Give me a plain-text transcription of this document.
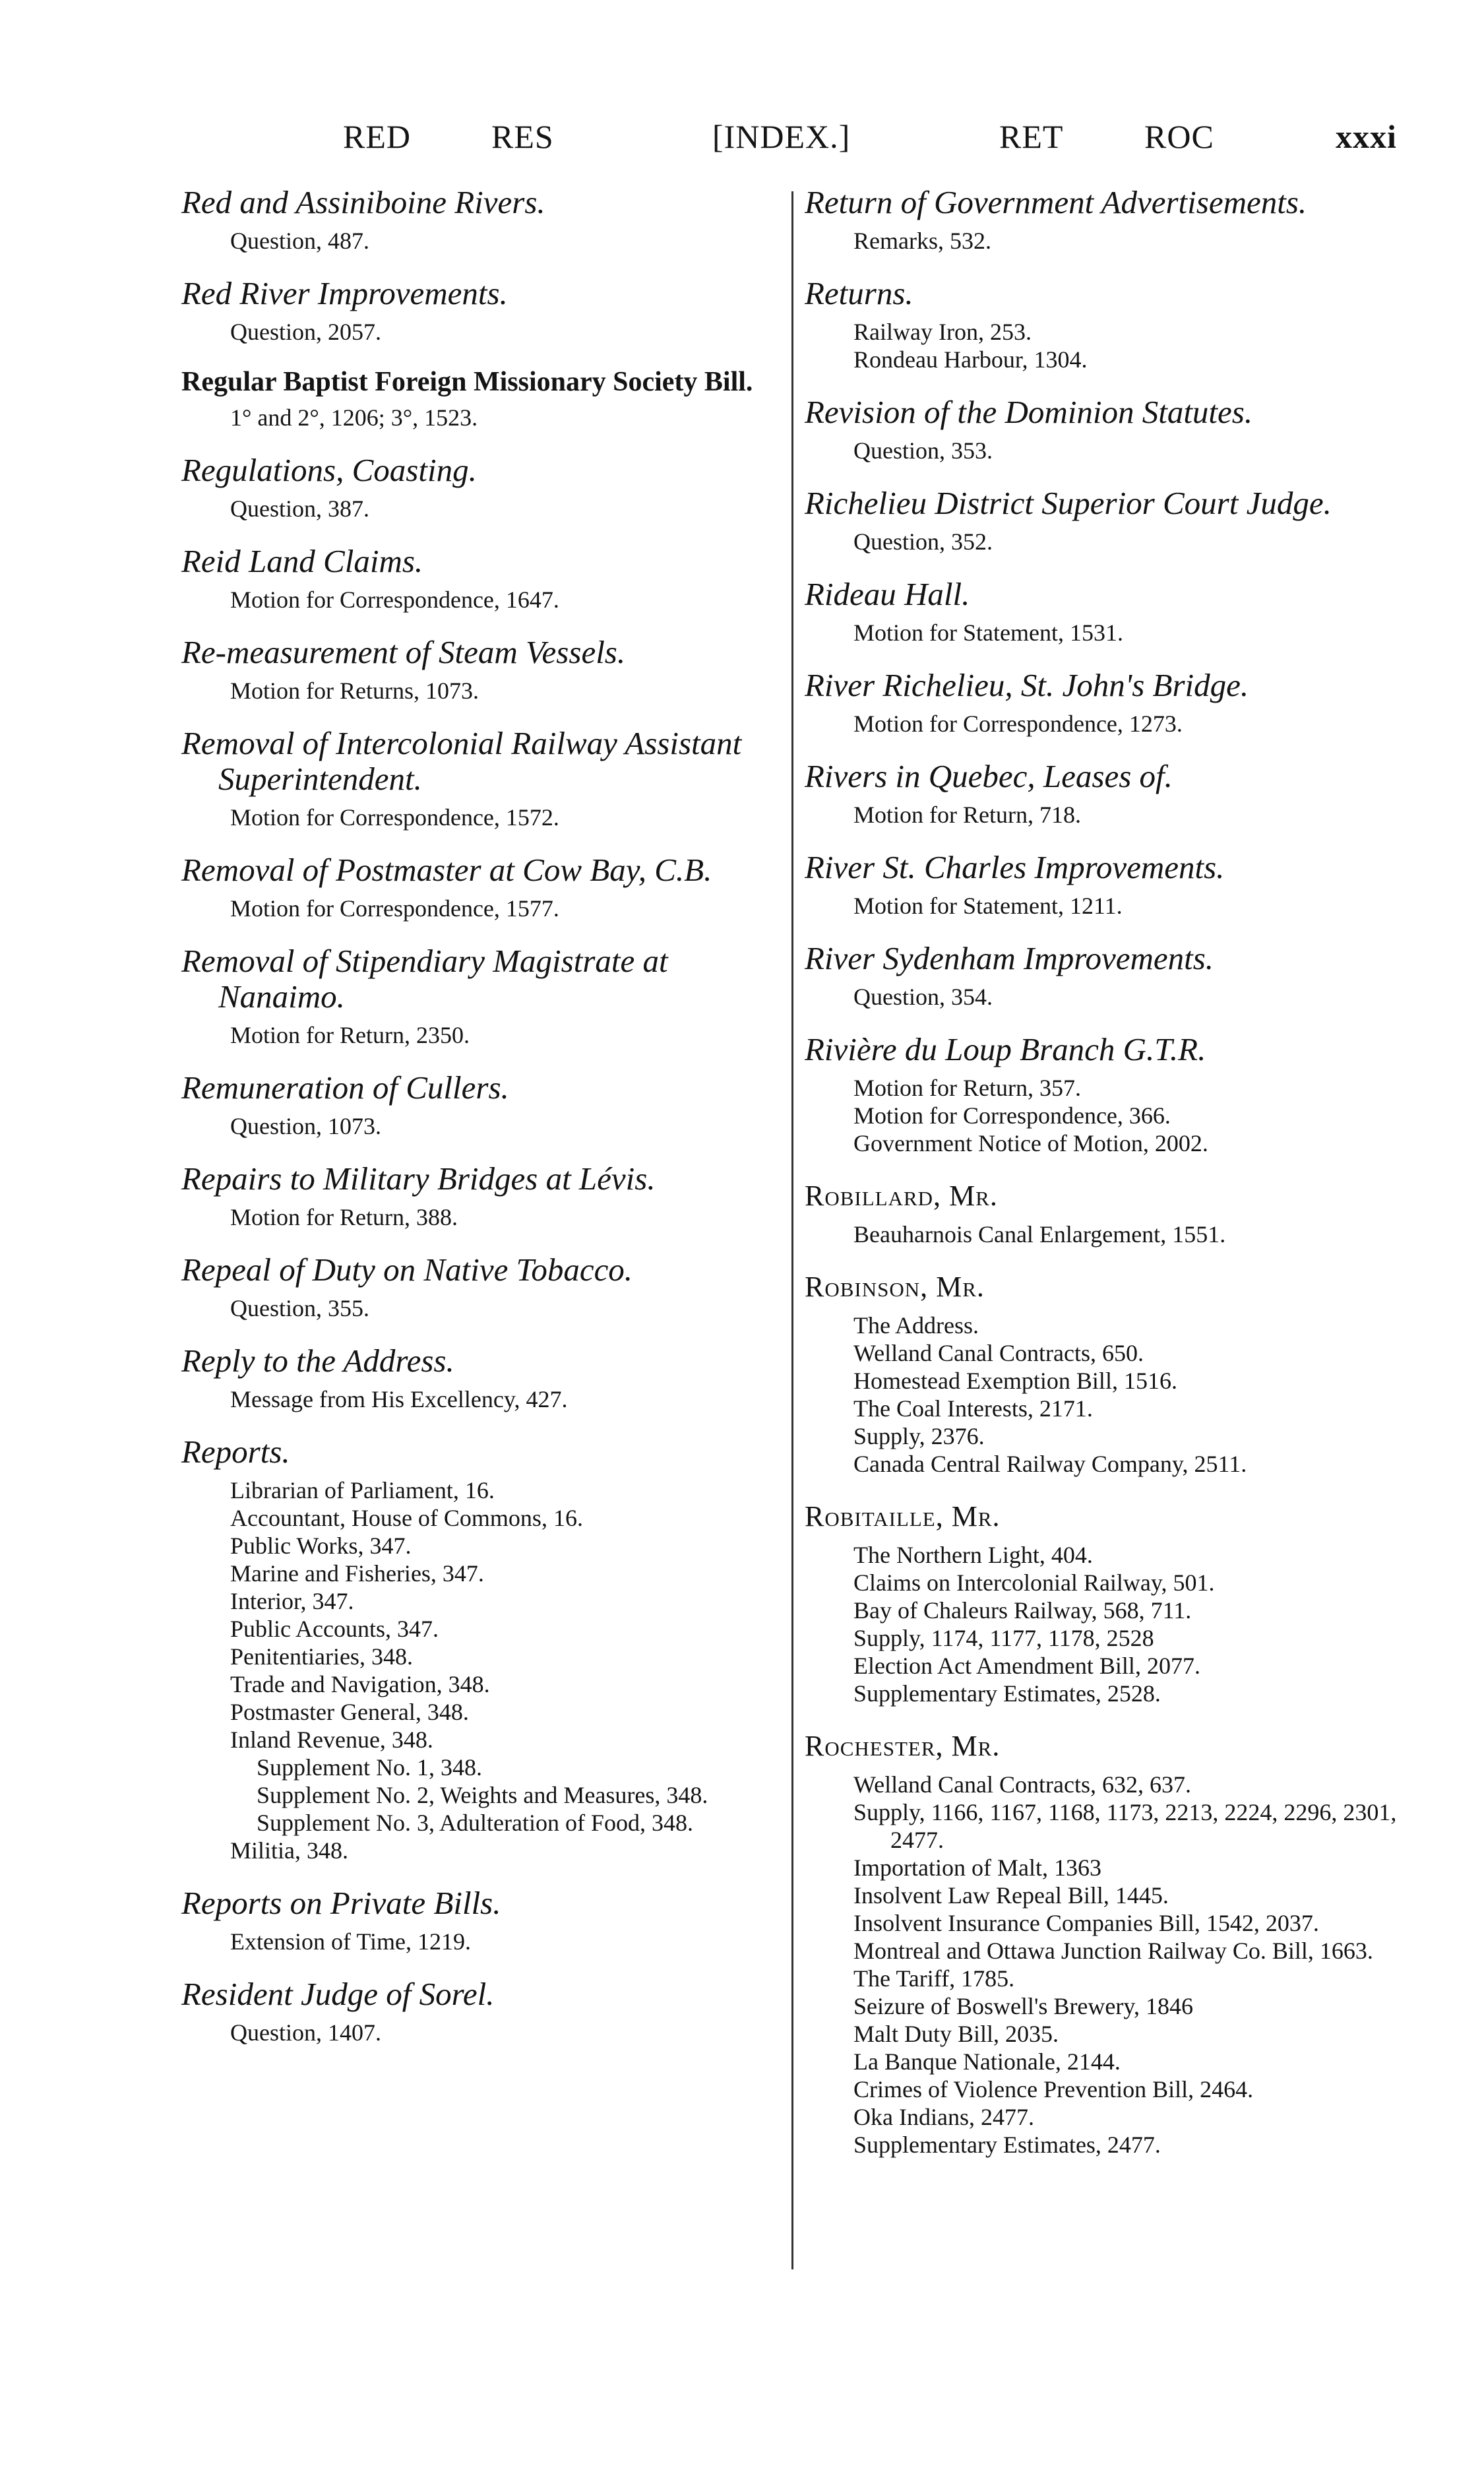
RED RES	[INDEX.]	RET ROC	xxxi
Red and Assiniboine Rivers.
Question, 487.
Red River Improvements.
Question, 2057.
Regular Baptist Foreign Missionary Society Bill.
1° and 2°, 1206; 3°, 1523.
Regulations, Coasting.
Question, 387.
Reid Land Claims.
Motion for Correspondence, 1647.
Re-measurement of Steam Vessels.
Motion for Returns, 1073.
Removal of Intercolonial Railway Assistant Superintendent.
Motion for Correspondence, 1572.
Removal of Postmaster at Cow Bay, C.B.
Motion for Correspondence, 1577.
Removal of Stipendiary Magistrate at Nanaimo.
Motion for Return, 2350.
Remuneration of Cullers.
Question, 1073.
Repairs to Military Bridges at Lévis.
Motion for Return, 388.
Repeal of Duty on Native Tobacco.
Question, 355.
Reply to the Address.
Message from His Excellency, 427.
Reports.
Librarian of Parliament, 16.
Accountant, House of Commons, 16.
Public Works, 347.
Marine and Fisheries, 347.
Interior, 347.
Public Accounts, 347.
Penitentiaries, 348.
Trade and Navigation, 348.
Postmaster General, 348.
Inland Revenue, 348.
Supplement No. 1, 348.
Supplement No. 2, Weights and Measures, 348.
Supplement No. 3, Adulteration of Food, 348.
Militia, 348.
Reports on Private Bills.
Extension of Time, 1219.
Resident Judge of Sorel.
Question, 1407.
Return of Government Advertisements.
Remarks, 532.
Returns.
Railway Iron, 253.
Rondeau Harbour, 1304.
Revision of the Dominion Statutes.
Question, 353.
Richelieu District Superior Court Judge.
Question, 352.
Rideau Hall.
Motion for Statement, 1531.
River Richelieu, St. John's Bridge.
Motion for Correspondence, 1273.
Rivers in Quebec, Leases of.
Motion for Return, 718.
River St. Charles Improvements.
Motion for Statement, 1211.
River Sydenham Improvements.
Question, 354.
Rivière du Loup Branch G.T.R.
Motion for Return, 357.
Motion for Correspondence, 366.
Government Notice of Motion, 2002.
Robillard, Mr.
Beauharnois Canal Enlargement, 1551.
Robinson, Mr.
The Address.
Welland Canal Contracts, 650.
Homestead Exemption Bill, 1516.
The Coal Interests, 2171.
Supply, 2376.
Canada Central Railway Company, 2511.
Robitaille, Mr.
The Northern Light, 404.
Claims on Intercolonial Railway, 501.
Bay of Chaleurs Railway, 568, 711.
Supply, 1174, 1177, 1178, 2528
Election Act Amendment Bill, 2077.
Supplementary Estimates, 2528.
Rochester, Mr.
Welland Canal Contracts, 632, 637.
Supply, 1166, 1167, 1168, 1173, 2213, 2224, 2296, 2301, 2477.
Importation of Malt, 1363
Insolvent Law Repeal Bill, 1445.
Insolvent Insurance Companies Bill, 1542, 2037.
Montreal and Ottawa Junction Railway Co. Bill, 1663.
The Tariff, 1785.
Seizure of Boswell's Brewery, 1846
Malt Duty Bill, 2035.
La Banque Nationale, 2144.
Crimes of Violence Prevention Bill, 2464.
Oka Indians, 2477.
Supplementary Estimates, 2477.
